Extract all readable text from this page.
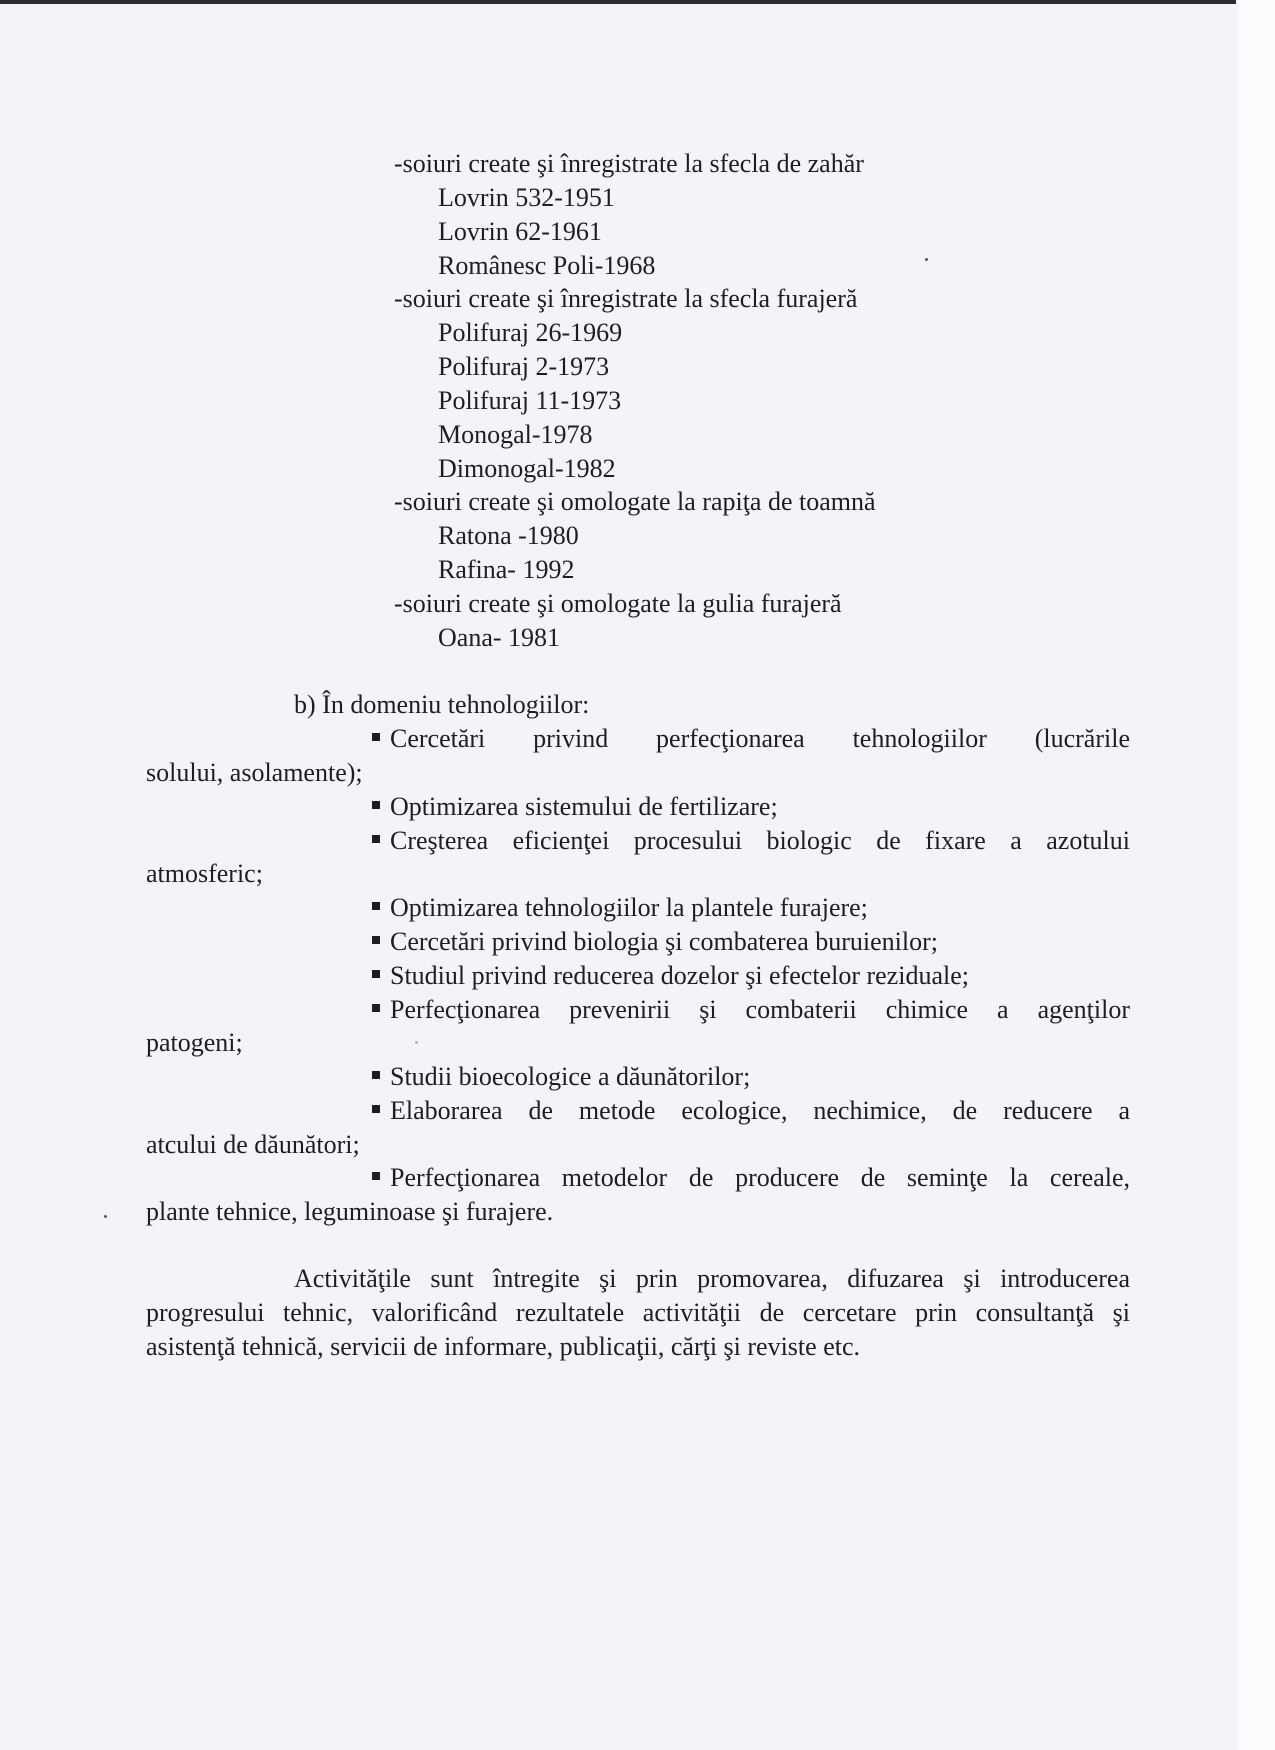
-soiuri create şi înregistrate la sfecla de zahăr
Lovrin 532-1951
Lovrin 62-1961
Românesc Poli-1968
-soiuri create şi înregistrate la sfecla furajeră
Polifuraj 26-1969
Polifuraj 2-1973
Polifuraj 11-1973
Monogal-1978
Dimonogal-1982
-soiuri create şi omologate la rapiţa de toamnă
Ratona -1980
Rafina- 1992
-soiuri create şi omologate la gulia furajeră
Oana- 1981
b) În domeniu tehnologiilor:
Cercetări privind perfecţionarea tehnologiilor (lucrările
solului, asolamente);
Optimizarea sistemului de fertilizare;
Creşterea eficienţei procesului biologic de fixare a azotului
atmosferic;
Optimizarea tehnologiilor la plantele furajere;
Cercetări privind biologia şi combaterea buruienilor;
Studiul privind reducerea dozelor şi efectelor reziduale;
Perfecţionarea prevenirii şi combaterii chimice a agenţilor
patogeni;
Studii bioecologice a dăunătorilor;
Elaborarea de metode ecologice, nechimice, de reducere a
atcului de dăunători;
Perfecţionarea metodelor de producere de seminţe la cereale,
plante tehnice, leguminoase şi furajere.
Activităţile sunt întregite şi prin promovarea, difuzarea şi introducerea
progresului tehnic, valorificând rezultatele activităţii de cercetare prin consultanţă şi
asistenţă tehnică, servicii de informare, publicaţii, cărţi şi reviste etc.
